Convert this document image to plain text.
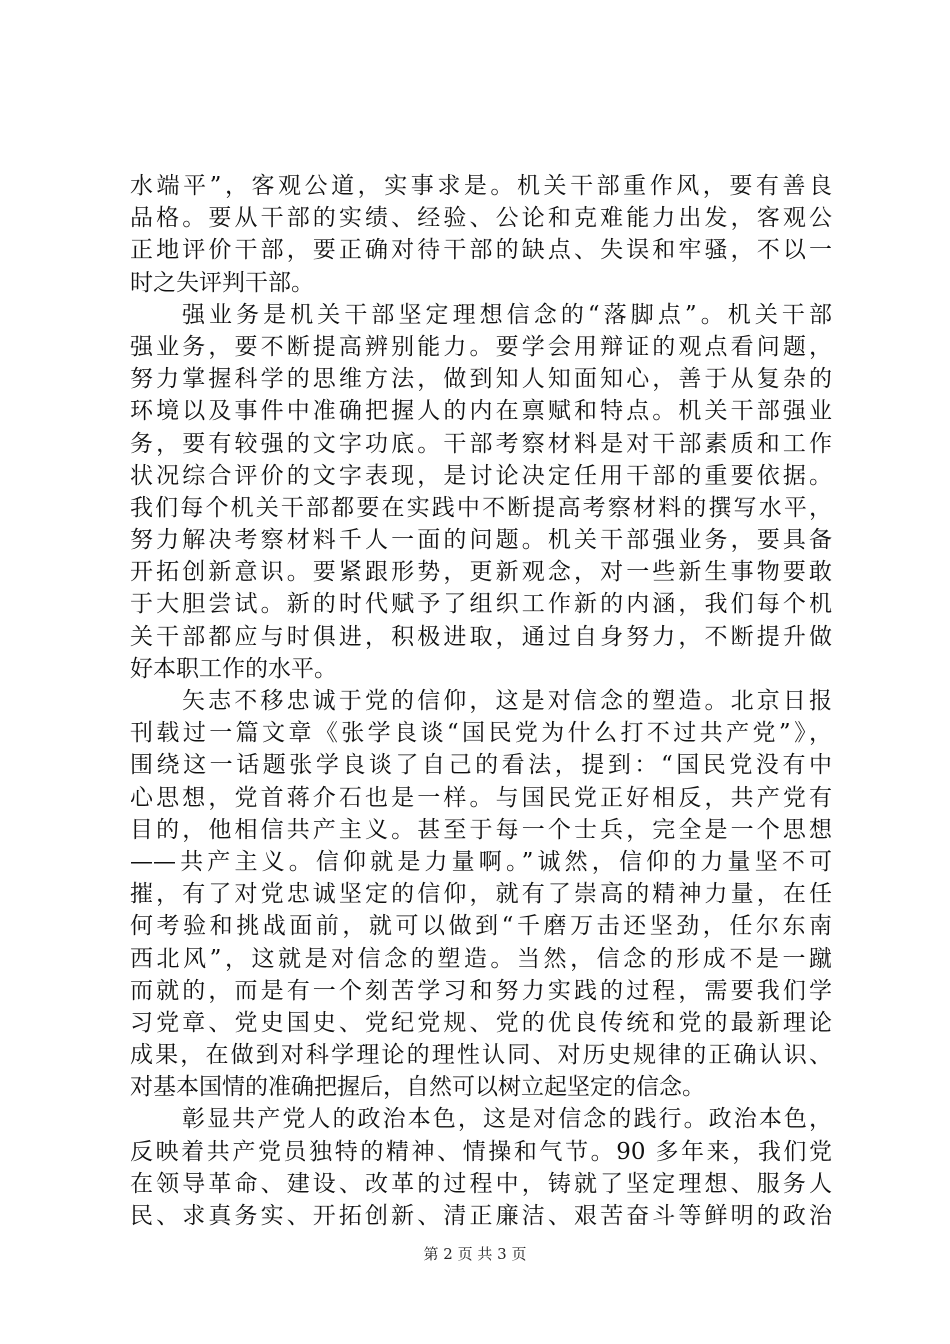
水端平”，客观公道，实事求是。机关干部重作风，要有善良
品格。要从干部的实绩、经验、公论和克难能力出发，客观公
正地评价干部，要正确对待干部的缺点、失误和牢骚，不以一
时之失评判干部。
强业务是机关干部坚定理想信念的“落脚点”。机关干部
强业务，要不断提高辨别能力。要学会用辩证的观点看问题，
努力掌握科学的思维方法，做到知人知面知心，善于从复杂的
环境以及事件中准确把握人的内在禀赋和特点。机关干部强业
务，要有较强的文字功底。干部考察材料是对干部素质和工作
状况综合评价的文字表现，是讨论决定任用干部的重要依据。
我们每个机关干部都要在实践中不断提高考察材料的撰写水平，
努力解决考察材料千人一面的问题。机关干部强业务，要具备
开拓创新意识。要紧跟形势，更新观念，对一些新生事物要敢
于大胆尝试。新的时代赋予了组织工作新的内涵，我们每个机
关干部都应与时俱进，积极进取，通过自身努力，不断提升做
好本职工作的水平。
矢志不移忠诚于党的信仰，这是对信念的塑造。北京日报
刊载过一篇文章《张学良谈“国民党为什么打不过共产党”》，
围绕这一话题张学良谈了自己的看法，提到：“国民党没有中
心思想，党首蒋介石也是一样。与国民党正好相反，共产党有
目的，他相信共产主义。甚至于每一个士兵，完全是一个思想
——共产主义。信仰就是力量啊。”诚然，信仰的力量坚不可
摧，有了对党忠诚坚定的信仰，就有了崇高的精神力量，在任
何考验和挑战面前，就可以做到“千磨万击还坚劲，任尔东南
西北风”，这就是对信念的塑造。当然，信念的形成不是一蹴
而就的，而是有一个刻苦学习和努力实践的过程，需要我们学
习党章、党史国史、党纪党规、党的优良传统和党的最新理论
成果，在做到对科学理论的理性认同、对历史规律的正确认识、
对基本国情的准确把握后，自然可以树立起坚定的信念。
彰显共产党人的政治本色，这是对信念的践行。政治本色，
反映着共产党员独特的精神、情操和气节。90 多年来，我们党
在领导革命、建设、改革的过程中，铸就了坚定理想、服务人
民、求真务实、开拓创新、清正廉洁、艰苦奋斗等鲜明的政治
第 2 页 共 3 页
